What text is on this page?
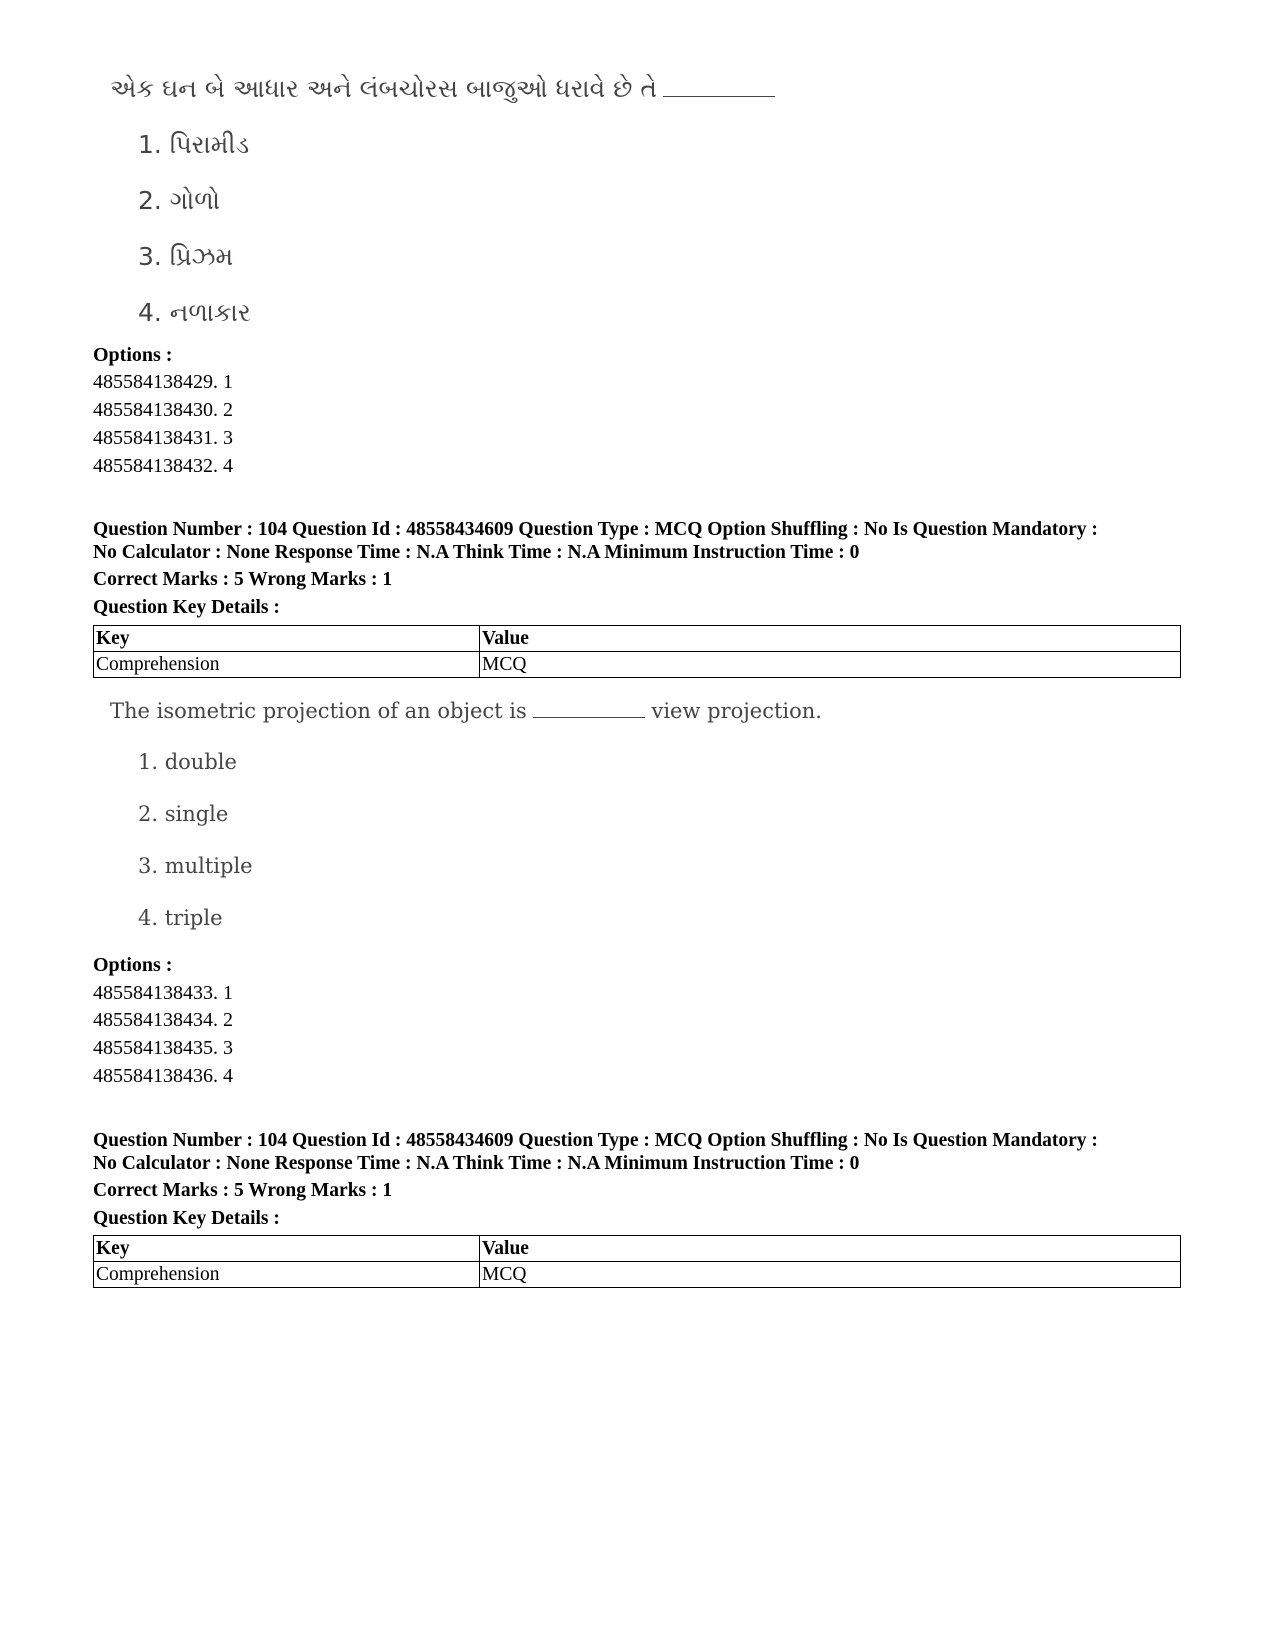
એક ઘન બે આધાર અને લંબચોરસ બાજુઓ ધરાવે છે તે
1. પિરામીડ
2. ગોળો
3. પ્રિઝમ
4. નળાકાર
Options :
485584138429. 1
485584138430. 2
485584138431. 3
485584138432. 4
Question Number : 104 Question Id : 48558434609 Question Type : MCQ Option Shuffling : No Is Question Mandatory :
No Calculator : None Response Time : N.A Think Time : N.A Minimum Instruction Time : 0
Correct Marks : 5 Wrong Marks : 1
Question Key Details :
Key	Value
Comprehension	MCQ
The isometric projection of an object is	view projection.
1. double
2. single
3. multiple
4. triple
Options :
485584138433. 1
485584138434. 2
485584138435. 3
485584138436. 4
Question Number : 104 Question Id : 48558434609 Question Type : MCQ Option Shuffling : No Is Question Mandatory :
No Calculator : None Response Time : N.A Think Time : N.A Minimum Instruction Time : 0
Correct Marks : 5 Wrong Marks : 1
Question Key Details :
Key	Value
Comprehension	MCQ
